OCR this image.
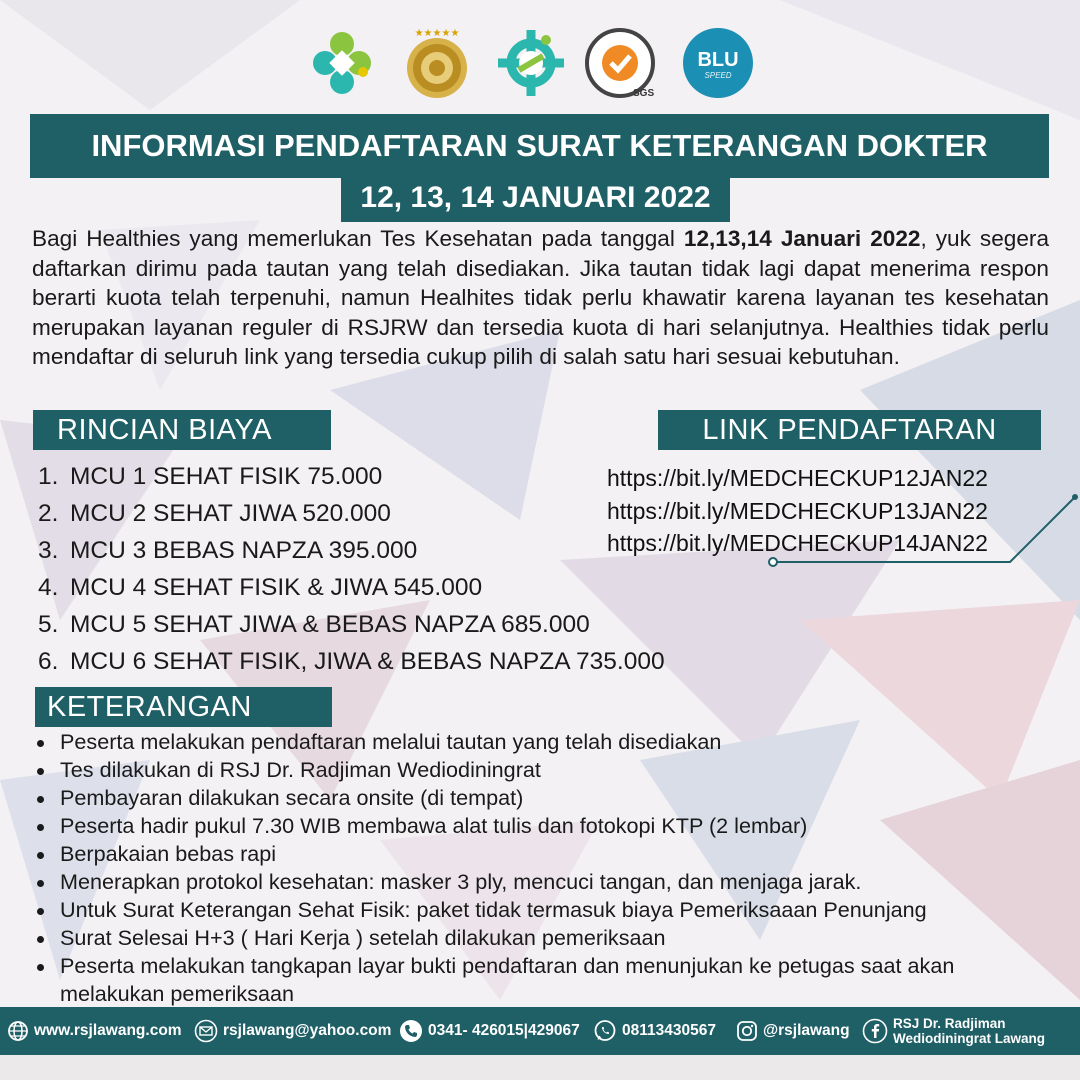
★★★★★
SGS
BLU
SPEED
INFORMASI PENDAFTARAN SURAT KETERANGAN DOKTER
12, 13, 14 JANUARI 2022

Bagi Healthies yang memerlukan Tes Kesehatan pada tanggal 12,13,14 Januari 2022, yuk segera daftarkan dirimu pada tautan yang telah disediakan. Jika tautan tidak lagi dapat menerima respon berarti kuota telah terpenuhi, namun Healhites tidak perlu khawatir karena layanan tes kesehatan merupakan layanan reguler di RSJRW dan tersedia kuota di hari selanjutnya. Healthies tidak perlu mendaftar di seluruh link yang tersedia cukup pilih di salah satu hari sesuai kebutuhan.

RINCIAN BIAYA
1. MCU 1 SEHAT FISIK 75.000
2. MCU 2 SEHAT JIWA 520.000
3. MCU 3 BEBAS NAPZA 395.000
4. MCU 4 SEHAT FISIK & JIWA 545.000
5. MCU 5 SEHAT JIWA & BEBAS NAPZA 685.000
6. MCU 6 SEHAT FISIK, JIWA & BEBAS NAPZA 735.000
LINK PENDAFTARAN
https://bit.ly/MEDCHECKUP12JAN22
https://bit.ly/MEDCHECKUP13JAN22
https://bit.ly/MEDCHECKUP14JAN22
KETERANGAN
Peserta melakukan pendaftaran melalui tautan yang telah disediakan
Tes dilakukan di RSJ Dr. Radjiman Wediodiningrat
Pembayaran dilakukan secara onsite (di tempat)
Peserta hadir pukul 7.30 WIB membawa alat tulis dan fotokopi KTP (2 lembar)
Berpakaian bebas rapi
Menerapkan protokol kesehatan: masker 3 ply, mencuci tangan, dan menjaga jarak.
Untuk Surat Keterangan Sehat Fisik: paket tidak termasuk biaya Pemeriksaaan Penunjang
Surat Selesai H+3 ( Hari Kerja ) setelah dilakukan pemeriksaan
Peserta melakukan tangkapan layar bukti pendaftaran dan menunjukan ke petugas saat akan melakukan pemeriksaan
www.rsjlawang.com	rsjlawang@yahoo.com 0341- 426015|429067	08113430567	@rsjlawang	RSJ Dr. Radjiman
Wediodiningrat Lawang
